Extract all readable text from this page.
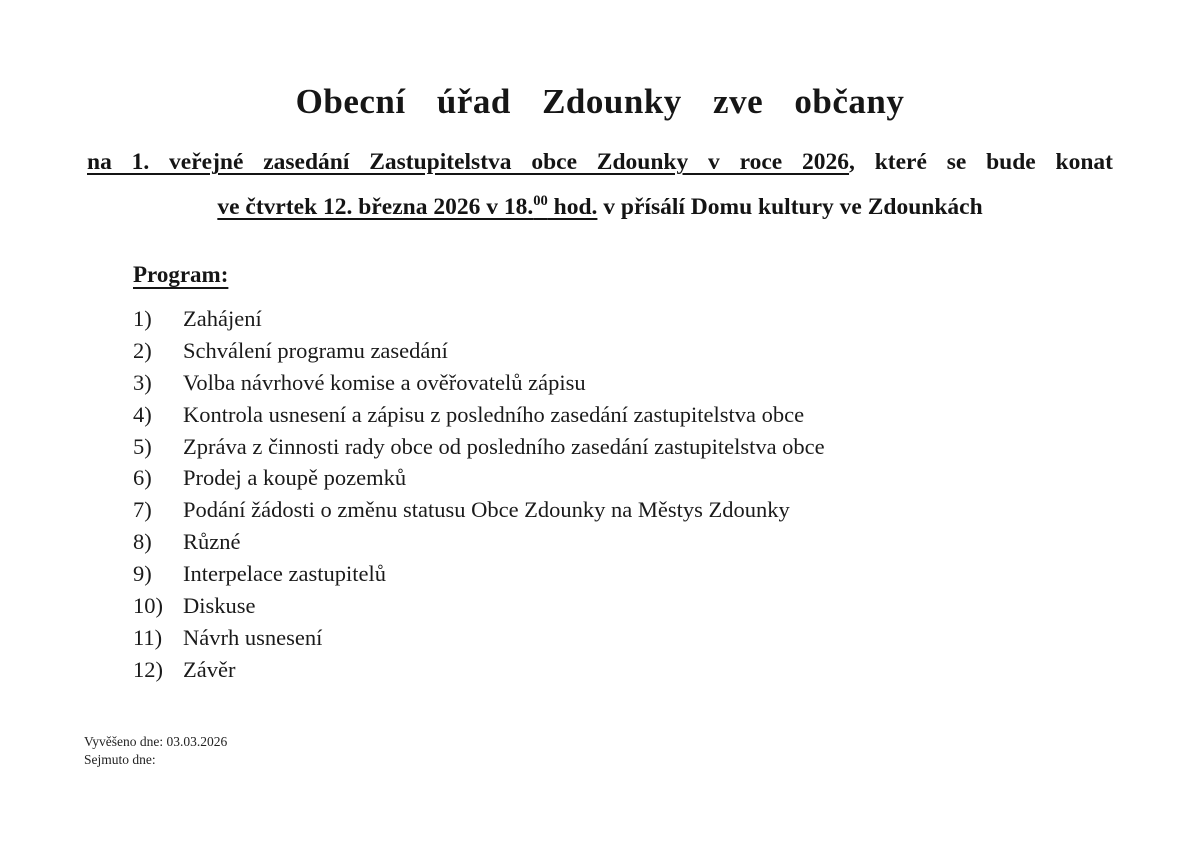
Obecní úřad Zdounky zve občany
na 1. veřejné zasedání Zastupitelstva obce Zdounky v roce 2026, které se bude konat
ve čtvrtek 12. března 2026 v 18.00 hod. v přísálí Domu kultury ve Zdounkách
Program:
1)	Zahájení
2)	Schválení programu zasedání
3)	Volba návrhové komise a ověřovatelů zápisu
4)	Kontrola usnesení a zápisu z posledního zasedání zastupitelstva obce
5)	Zpráva z činnosti rady obce od posledního zasedání zastupitelstva obce
6)	Prodej a koupě pozemků
7)	Podání žádosti o změnu statusu Obce Zdounky na Městys Zdounky
8)	Různé
9)	Interpelace zastupitelů
10) Diskuse
11) Návrh usnesení
12) Závěr
Vyvěšeno dne: 03.03.2026
Sejmuto dne:
